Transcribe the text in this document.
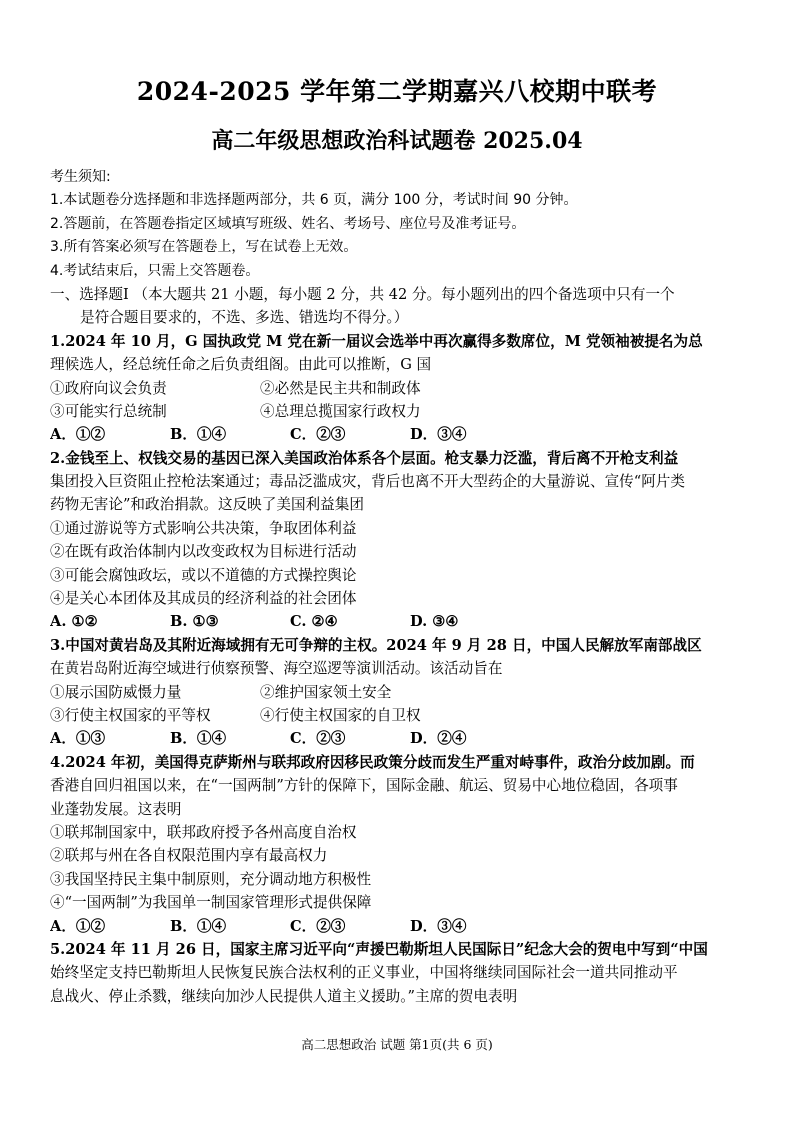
2024-2025 学年第二学期嘉兴八校期中联考
高二年级思想政治科试题卷 2025.04
考生须知:
1.本试题卷分选择题和非选择题两部分，共 6 页，满分 100 分，考试时间 90 分钟。
2.答题前，在答题卷指定区域填写班级、姓名、考场号、座位号及准考证号。
3.所有答案必须写在答题卷上，写在试卷上无效。
4.考试结束后，只需上交答题卷。
一、选择题Ⅰ （本大题共 21 小题，每小题 2 分，共 42 分。每小题列出的四个备选项中只有一个
是符合题目要求的，不选、多选、错选均不得分。）
1.2024 年 10 月，G 国执政党 M 党在新一届议会选举中再次赢得多数席位，M 党领袖被提名为总
理候选人，经总统任命之后负责组阁。由此可以推断，G 国
①政府向议会负责	②必然是民主共和制政体
③可能实行总统制	④总理总揽国家行政权力
A．①②	B．①④	C．②③	D．③④
2.金钱至上、权钱交易的基因已深入美国政治体系各个层面。枪支暴力泛滥，背后离不开枪支利益
集团投入巨资阻止控枪法案通过；毒品泛滥成灾，背后也离不开大型药企的大量游说、宣传“阿片类
药物无害论”和政治捐款。这反映了美国利益集团
①通过游说等方式影响公共决策，争取团体利益
②在既有政治体制内以改变政权为目标进行活动
③可能会腐蚀政坛，或以不道德的方式操控舆论
④是关心本团体及其成员的经济利益的社会团体
A. ①②	B. ①③	C. ②④	D. ③④
3.中国对黄岩岛及其附近海域拥有无可争辩的主权。2024 年 9 月 28 日，中国人民解放军南部战区
在黄岩岛附近海空域进行侦察预警、海空巡逻等演训活动。该活动旨在
①展示国防威慑力量	②维护国家领土安全
③行使主权国家的平等权	④行使主权国家的自卫权
A．①③	B．①④	C．②③	D．②④
4.2024 年初，美国得克萨斯州与联邦政府因移民政策分歧而发生严重对峙事件，政治分歧加剧。而
香港自回归祖国以来，在“一国两制”方针的保障下，国际金融、航运、贸易中心地位稳固，各项事
业蓬勃发展。这表明
①联邦制国家中，联邦政府授予各州高度自治权
②联邦与州在各自权限范围内享有最高权力
③我国坚持民主集中制原则，充分调动地方积极性
④“一国两制”为我国单一制国家管理形式提供保障
A．①②	B．①④	C．②③	D．③④
5.2024 年 11 月 26 日，国家主席习近平向“声援巴勒斯坦人民国际日”纪念大会的贺电中写到“中国
始终坚定支持巴勒斯坦人民恢复民族合法权利的正义事业，中国将继续同国际社会一道共同推动平
息战火、停止杀戮，继续向加沙人民提供人道主义援助。”主席的贺电表明
高二思想政治 试题 第1页(共 6 页)
